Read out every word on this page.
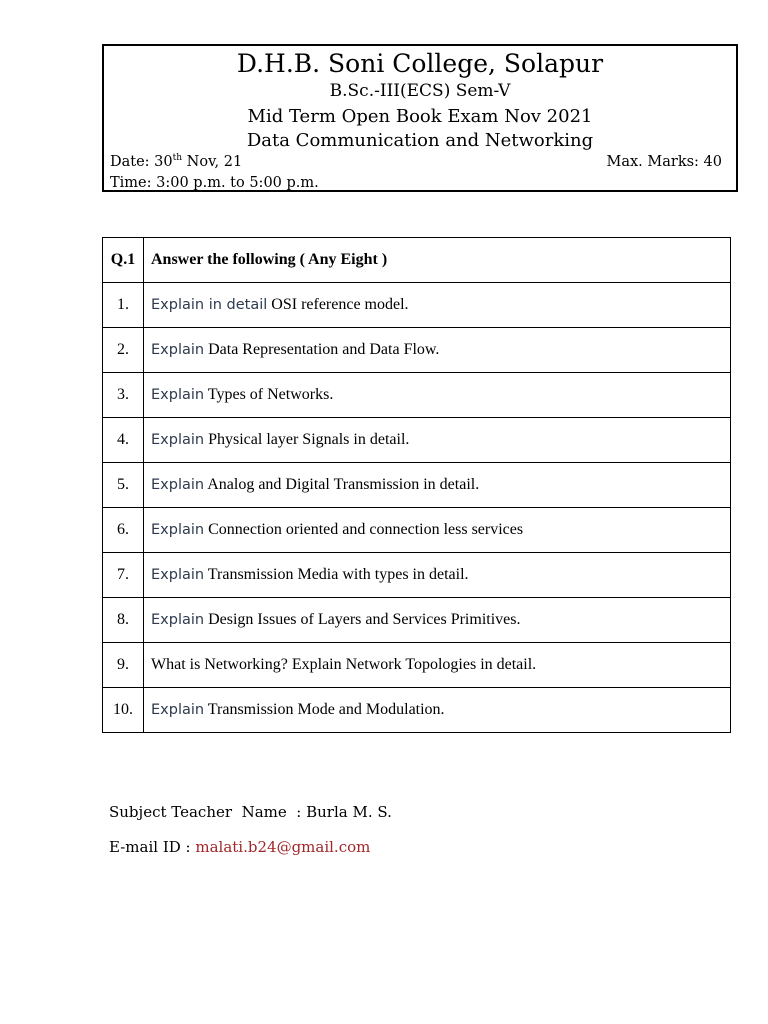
D.H.B. Soni College, Solapur
B.Sc.-III(ECS) Sem-V
Mid Term Open Book Exam Nov 2021
Data Communication and Networking
Date: 30th Nov, 21	Max. Marks: 40
Time: 3:00 p.m. to 5:00 p.m.
Q.1	Answer the following ( Any Eight )
1.	Explain in detail OSI reference model.
2.	Explain Data Representation and Data Flow.
3.	Explain Types of Networks.
4.	Explain Physical layer Signals in detail.
5.	Explain Analog and Digital Transmission in detail.
6.	Explain Connection oriented and connection less services
7.	Explain Transmission Media with types in detail.
8.	Explain Design Issues of Layers and Services Primitives.
9.	What is Networking? Explain Network Topologies in detail.
10.	Explain Transmission Mode and Modulation.
Subject Teacher  Name  : Burla M. S.
E-mail ID : malati.b24@gmail.com
